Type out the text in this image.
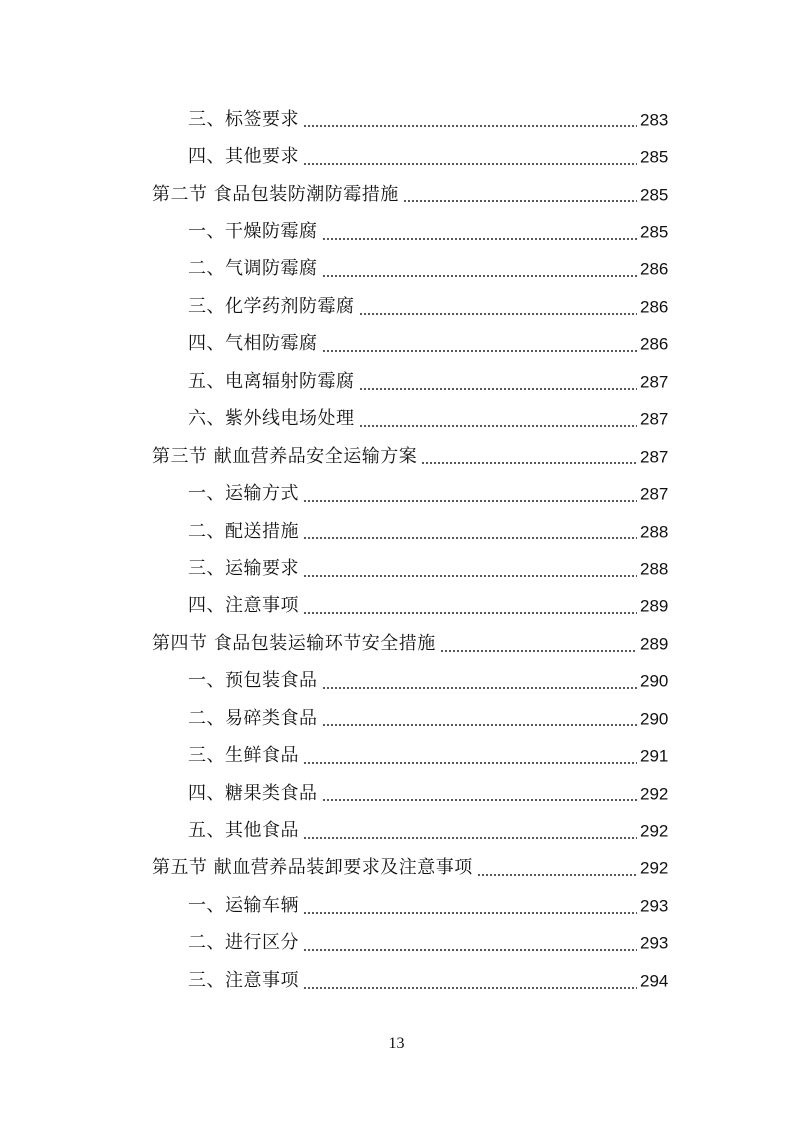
三、标签要求	283
四、其他要求	285
第二节 食品包装防潮防霉措施	285
一、干燥防霉腐	285
二、气调防霉腐	286
三、化学药剂防霉腐	286
四、气相防霉腐	286
五、电离辐射防霉腐	287
六、紫外线电场处理	287
第三节 献血营养品安全运输方案	287
一、运输方式	287
二、配送措施	288
三、运输要求	288
四、注意事项	289
第四节 食品包装运输环节安全措施	289
一、预包装食品	290
二、易碎类食品	290
三、生鲜食品	291
四、糖果类食品	292
五、其他食品	292
第五节 献血营养品装卸要求及注意事项	292
一、运输车辆	293
二、进行区分	293
三、注意事项	294
13
